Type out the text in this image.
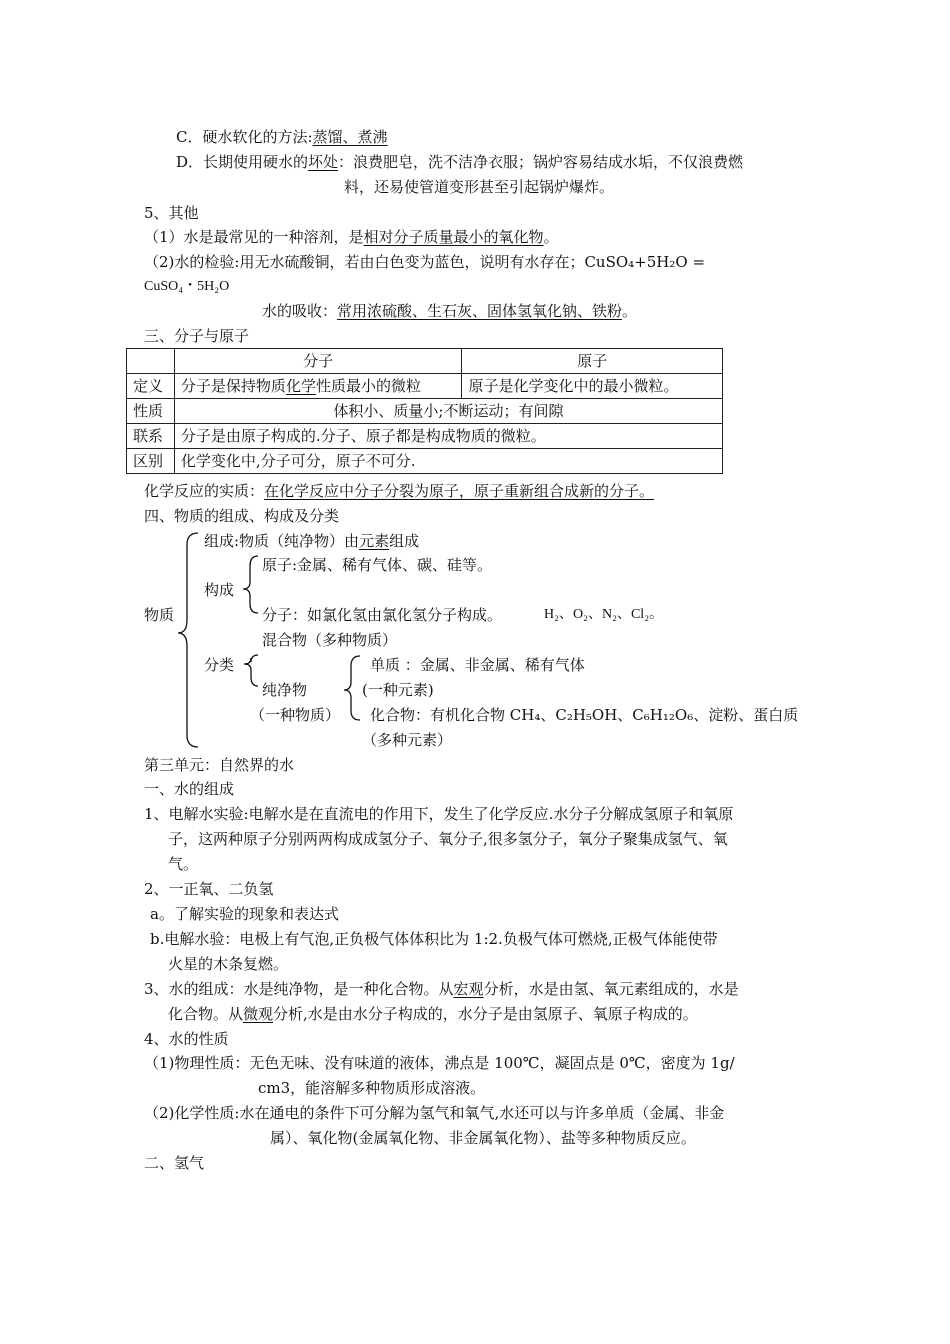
C．硬水软化的方法:蒸馏、煮沸
D．长期使用硬水的坏处：浪费肥皂，洗不洁净衣服；锅炉容易结成水垢，不仅浪费燃
料，还易使管道变形甚至引起锅炉爆炸。
5、其他
（1）水是最常见的一种溶剂，是相对分子质量最小的氧化物。
（2)水的检验:用无水硫酸铜，若由白色变为蓝色，说明有水存在；CuSO₄+5H₂O =
CuSO₄・5H₂O
水的吸收：常用浓硫酸、生石灰、固体氢氧化钠、铁粉。
三、分子与原子
	分子	原子
定义	分子是保持物质化学性质最小的微粒	原子是化学变化中的最小微粒。
性质	体积小、质量小;不断运动；有间隙	
联系	分子是由原子构成的.分子、原子都是构成物质的微粒。	
区别	化学变化中,分子可分，原子不可分.	
化学反应的实质：在化学反应中分子分裂为原子，原子重新组合成新的分子。
四、物质的组成、构成及分类
组成:物质（纯净物）由元素组成
原子:金属、稀有气体、碳、硅等。
构成
物质	分子：如氯化氢由氯化氢分子构成。	H₂、O₂、N₂、Cl₂。
混合物（多种物质）
分类	单质 ：金属、非金属、稀有气体
纯净物	(一种元素)
（一种物质） 化合物：有机化合物 CH₄、C₂H₅OH、C₆H₁₂O₆、淀粉、蛋白质
（多种元素）
第三单元：自然界的水
一、水的组成
1、电解水实验:电解水是在直流电的作用下，发生了化学反应.水分子分解成氢原子和氧原
子，这两种原子分别两两构成成氢分子、氧分子,很多氢分子，氧分子聚集成氢气、氧
气。
2、一正氧、二负氢
a。了解实验的现象和表达式
b.电解水验：电极上有气泡,正负极气体体积比为 1:2.负极气体可燃烧,正极气体能使带
火星的木条复燃。
3、水的组成：水是纯净物，是一种化合物。从宏观分析，水是由氢、氧元素组成的，水是
化合物。从微观分析,水是由水分子构成的，水分子是由氢原子、氧原子构成的。
4、水的性质
（1)物理性质：无色无味、没有味道的液体，沸点是 100℃，凝固点是 0℃，密度为 1g/
cm3，能溶解多种物质形成溶液。
（2)化学性质:水在通电的条件下可分解为氢气和氧气,水还可以与许多单质（金属、非金
属）、氧化物(金属氧化物、非金属氧化物）、盐等多种物质反应。
二、氢气
